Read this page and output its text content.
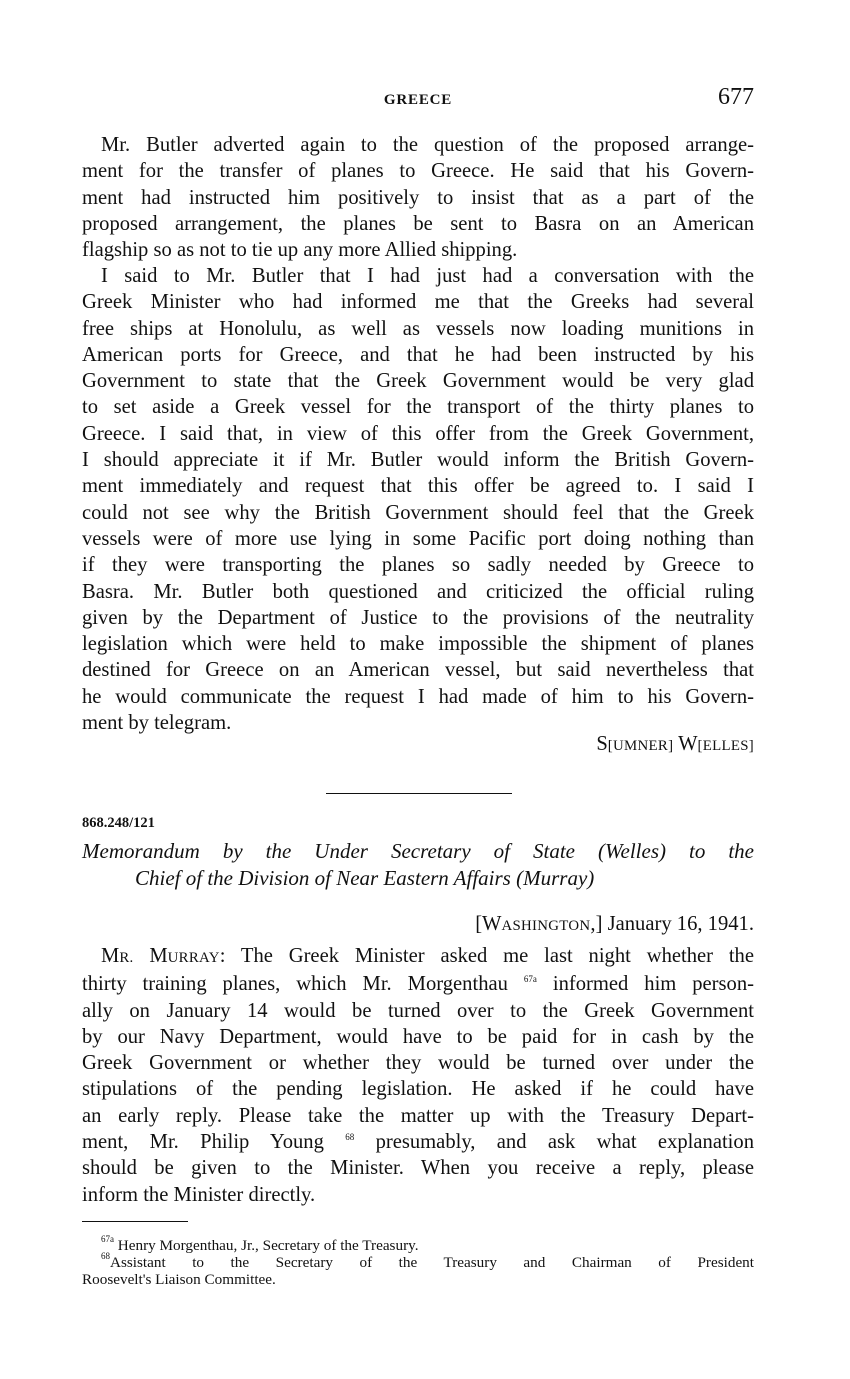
GREECE	677
Mr. Butler adverted again to the question of the proposed arrange-
ment for the transfer of planes to Greece. He said that his Govern-
ment had instructed him positively to insist that as a part of the
proposed arrangement, the planes be sent to Basra on an American
flagship so as not to tie up any more Allied shipping.
I said to Mr. Butler that I had just had a conversation with the
Greek Minister who had informed me that the Greeks had several
free ships at Honolulu, as well as vessels now loading munitions in
American ports for Greece, and that he had been instructed by his
Government to state that the Greek Government would be very glad
to set aside a Greek vessel for the transport of the thirty planes to
Greece. I said that, in view of this offer from the Greek Government,
I should appreciate it if Mr. Butler would inform the British Govern-
ment immediately and request that this offer be agreed to. I said I
could not see why the British Government should feel that the Greek
vessels were of more use lying in some Pacific port doing nothing than
if they were transporting the planes so sadly needed by Greece to
Basra. Mr. Butler both questioned and criticized the official ruling
given by the Department of Justice to the provisions of the neutrality
legislation which were held to make impossible the shipment of planes
destined for Greece on an American vessel, but said nevertheless that
he would communicate the request I had made of him to his Govern-
ment by telegram.
S[UMNER] W[ELLES]
868.248/121
Memorandum by the Under Secretary of State (Welles) to the
Chief of the Division of Near Eastern Affairs (Murray)
[WASHINGTON,] January 16, 1941.
MR. MURRAY: The Greek Minister asked me last night whether the
thirty training planes, which Mr. Morgenthau $^{67a}$ informed him person-
ally on January 14 would be turned over to the Greek Government
by our Navy Department, would have to be paid for in cash by the
Greek Government or whether they would be turned over under the
stipulations of the pending legislation. He asked if he could have
an early reply. Please take the matter up with the Treasury Depart-
ment, Mr. Philip Young $^{68}$ presumably, and ask what explanation
should be given to the Minister. When you receive a reply, please
inform the Minister directly.
$^{67a}$ Henry Morgenthau, Jr., Secretary of the Treasury.
$^{68}$Assistant to the Secretary of the Treasury and Chairman of President
Roosevelt's Liaison Committee.
